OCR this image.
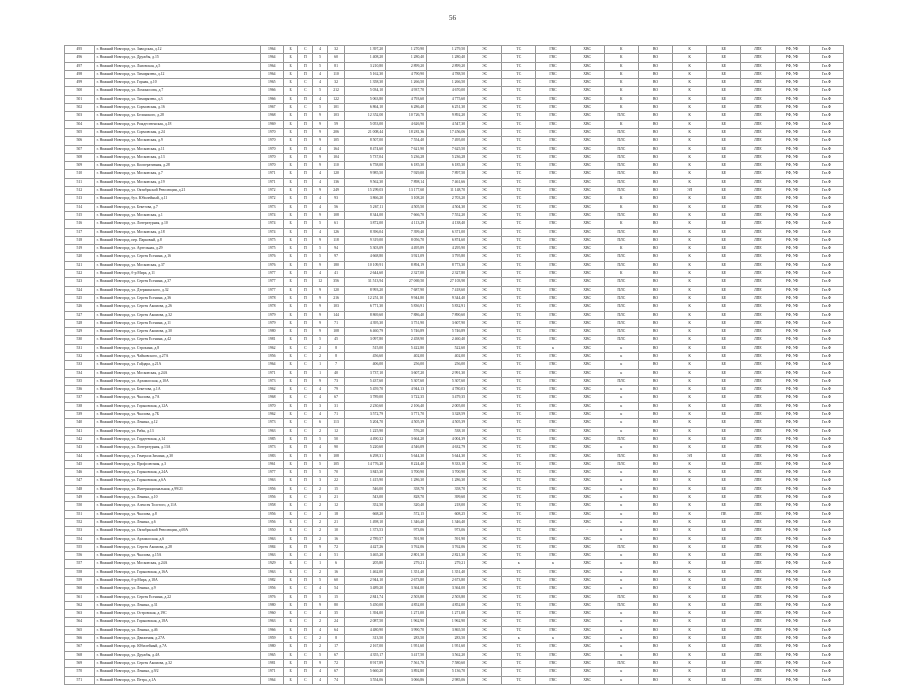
56
495	г. Нижний Новгород, ул. Заводская, д.12	1964	Б	С	4	32	1 397,20	1 270,90	1 279,50	ЭС	ТС	ГВС	ХВС	К	ВО	К	БЕ	ЛПЕ	РФ, УФ	Газ.Ф
496	г. Нижний Новгород, ул. Дружбы, д.15	1964	Б	П	5	60	1 408,20	1 280,40	1 280,40	ЭС	ТС	ГВС	ХВС	К	ВО	К	БЕ	ЛПЕ	РФ, УФ	Газ.Ф
497	г. Нижний Новгород, ул. Львовская, д.5	1964	Б	П	5	81	3 210,80	2 899,20	2 899,20	ЭС	ТС	ГВС	ХВС	К	ВО	К	БЕ	ЛПЕ	РФ, УФ	Газ.Ф
498	г. Нижний Новгород, ул. Тимирязева, д.12	1964	Б	П	4	110	5 162,30	4 790,90	4 788,50	ЭС	ТС	ГВС	ХВС	К	ВО	К	БЕ	ЛПЕ	РФ, УФ	Газ.Ф
499	г. Нижний Новгород, ул. Горная, д.10	1965	Б	С	4	32	1 358,30	1 266,50	1 266,50	ЭС	ТС	ГВС	ХВС	К	ВО	К	БЕ	ЛПЕ	РФ, УФ	Газ.Ф
500	г. Нижний Новгород, ул. Ломоносова, д.7	1966	Б	С	5	212	5 034,10	4 937,70	4 670,00	ЭС	ТС	ГВС	ХВС	К	ВО	К	БЕ	ЛПЕ	РФ, УФ	Газ.Ф
501	г. Нижний Новгород, ул. Тимирязева, д.3	1966	Б	П	4	122	5 063,80	4 793,60	4 775,60	ЭС	ТС	ГВС	ХВС	К	ВО	К	БЕ	ЛПЕ	РФ, УФ	Газ.Ф
502	г. Нижний Новгород, ул. Сормовская, д.16	1967	Б	С	5	101	6 864,10	6 286,40	6 251,30	ЭС	ТС	ГВС	ХВС	К	ВО	К	БЕ	ЛПЕ	РФ, УФ	Газ.Ф
503	г. Нижний Новгород, ул. Белинского, д.28	1968	Б	П	9	103	12 352,00	10 726,70	9 892,20	ЭС	ТС	ГВС	ХВС	ПЛС	ВО	К	БЕ	ЛПЕ	РФ, УФ	Газ.Ф
504	г. Нижний Новгород, ул. Рождественская, д.18	1969	Б	П	9	59	5 053,00	4 626,90	4 547,30	ЭС	ТС	ГВС	ХВС	К	ВО	К	БЕ	ЛПЕ	РФ, УФ	Газ.Ф
505	г. Нижний Новгород, ул. Сормовская, д.24	1970	Б	П	9	206	21 008,44	18 281,36	17 456,06	ЭС	ТС	ГВС	ХВС	ПЛС	ВО	К	БЕ	ЛПЕ	РФ, УФ	Газ.Ф
506	г. Нижний Новгород, ул. Московская, д.9	1970	Б	П	9	105	8 507,00	7 554,40	7 495,00	ЭС	ТС	ГВС	ХВС	ПЛС	ВО	К	БЕ	ЛПЕ	РФ, УФ	Газ.Ф
507	г. Нижний Новгород, ул. Московская, д.11	1970	Б	П	4	164	8 474,60	7 621,90	7 625,50	ЭС	ТС	ГВС	ХВС	ПЛС	ВО	К	БЕ	ЛПЕ	РФ, УФ	Газ.Ф
508	г. Нижний Новгород, ул. Московская, д.13	1970	Б	П	9	104	5 737,04	5 236,28	5 236,28	ЭС	ТС	ГВС	ХВС	ПЛС	ВО	К	БЕ	ЛПЕ	РФ, УФ	Газ.Ф
509	г. Нижний Новгород, ул. Кооперативная, д.28	1970	Б	П	9	110	6 758,00	6 185,30	6 185,30	ЭС	ТС	ГВС	ХВС	ПЛС	ВО	К	БЕ	ЛПЕ	РФ, УФ	Газ.Ф
510	г. Нижний Новгород, ул. Московская, д.7	1971	Б	П	4	120	9 985,50	7 929,00	7 897,50	ЭС	ТС	ГВС	ХВС	ПЛС	ВО	К	БЕ	ЛПЕ	РФ, УФ	Газ.Ф
511	г. Нижний Новгород, ул. Московская, д.19	1971	Б	П	4	136	9 562,30	7 898,14	7 461,66	ЭС	ТС	ГВС	ХВС	ПЛС	ВО	К	БЕ	ЛПЕ	РФ, УФ	Газ.Ф
512	г. Нижний Новгород, ул. Октябрьской Революции, д.21	1972	Б	П	9	249	15 299,03	13 177,60	11 148,70	ЭС	ТС	ГВС	ХВС	ПЛС	ВО	ЭЛ	БЕ	ЛПЕ	РФ, УФ	Газ.Ф
513	г. Нижний Новгород, бул. Юбилейный, д.11	1972	Б	П	4	93	3 866,20	3 108,20	2 703,20	ЭС	ТС	ГВС	ХВС	К	ВО	К	БЕ	ЛПЕ	РФ, УФ	Газ.Ф
514	г. Нижний Новгород, ул. Бекетова, д.7	1973	Б	П	4	56	5 267,11	4 505,50	4 504,30	ЭС	ТС	ГВС	ХВС	К	ВО	К	БЕ	ЛПЕ	РФ, УФ	Газ.Ф
515	г. Нижний Новгород, ул. Московская, д.1	1974	Б	П	9	108	8 344,00	7 666,70	7 552,20	ЭС	ТС	ГВС	ХВС	ПЛС	ВО	К	БЕ	ЛПЕ	РФ, УФ	Газ.Ф
516	г. Нижний Новгород, ул. Литературная, д.10	1974	Б	П	5	61	3 872,00	4 113,29	4 138,40	ЭС	ТС	ГВС	ХВС	К	ВО	К	БЕ	ЛПЕ	РФ, УФ	Газ.Ф
517	г. Нижний Новгород, ул. Московская, д.18	1974	Б	П	4	126	8 396,04	7 399,40	6 371,00	ЭС	ТС	ГВС	ХВС	ПЛС	ВО	К	БЕ	ЛПЕ	РФ, УФ	Газ.Ф
518	г. Нижний Новгород, пер. Парковый, д.8	1975	Б	П	9	118	9 319,00	8 056,70	6 874,60	ЭС	ТС	ГВС	ХВС	ПЛС	ВО	К	БЕ	ЛПЕ	РФ, УФ	Газ.Ф
519	г. Нижний Новгород, ул. Артельная, д.29	1975	Б	П	5	94	5 303,09	4 495,89	4 295,90	ЭС	ТС	ГВС	ХВС	К	ВО	К	БЕ	ЛПЕ	РФ, УФ	Газ.Ф
520	г. Нижний Новгород, ул. Сергея Есенина, д.16	1976	Б	П	5	97	4 668,80	3 921,09	3 795,80	ЭС	ТС	ГВС	ХВС	ПЛС	ВО	К	БЕ	ЛПЕ	РФ, УФ	Газ.Ф
521	г. Нижний Новгород, ул. Московская, д.37	1976	Б	П	9	180	10 109,91	8 894,19	8 773,30	ЭС	ТС	ГВС	ХВС	ПЛС	ВО	К	БЕ	ЛПЕ	РФ, УФ	Газ.Ф
522	г. Нижний Новгород, б-р Мира, д.11	1977	Б	П	4	41	2 644,60	2 327,00	2 327,80	ЭС	ТС	ГВС	ХВС	К	ВО	К	БЕ	ЛПЕ	РФ, УФ	Газ.Ф
523	г. Нижний Новгород, ул. Сергея Есенина, д.37	1977	Б	П	12	356	31 513,94	27 069,50	27 103,90	ЭС	ТС	ГВС	ХВС	ПЛС	ВО	К	БЕ	ЛПЕ	РФ, УФ	Газ.Ф
524	г. Нижний Новгород, ул. Дзержинского, д.32	1977	Б	П	9	120	8 993,20	7 687,90	7 418,60	ЭС	ТС	ГВС	ХВС	ПЛС	ВО	К	БЕ	ЛПЕ	РФ, УФ	Газ.Ф
525	г. Нижний Новгород, ул. Сергея Есенина, д.36	1978	Б	П	9	216	12 251,10	9 944,80	9 344,40	ЭС	ТС	ГВС	ХВС	ПЛС	ВО	К	БЕ	ЛПЕ	РФ, УФ	Газ.Ф
526	г. Нижний Новгород, ул. Сергея Акимова, д.26	1978	Б	П	9	103	6 771,30	5 836,91	5 832,91	ЭС	ТС	ГВС	ХВС	ПЛС	ВО	К	БЕ	ЛПЕ	РФ, УФ	Газ.Ф
527	г. Нижний Новгород, ул. Сергея Акимова, д.32	1979	Б	П	9	144	8 869,60	7 886,40	7 890,60	ЭС	ТС	ГВС	ХВС	ПЛС	ВО	К	БЕ	ЛПЕ	РФ, УФ	Газ.Ф
528	г. Нижний Новгород, ул. Сергея Есенина, д.11	1979	Б	П	9	71	4 395,30	3 751,90	3 607,90	ЭС	ТС	ГВС	ХВС	ПЛС	ВО	К	БЕ	ЛПЕ	РФ, УФ	Газ.Ф
529	г. Нижний Новгород, ул. Сергея Акимова, д.30	1980	Б	П	9	108	6 460,79	5 746,89	5 746,89	ЭС	ТС	ГВС	ХВС	ПЛС	ВО	К	БЕ	ЛПЕ	РФ, УФ	Газ.Ф
530	г. Нижний Новгород, ул. Сергея Есенина, д.42	1981	Б	П	5	45	3 097,80	2 458,90	2 460,40	ЭС	ТС	ГВС	ХВС	ПЛС	ВО	К	БЕ	ЛПЕ	РФ, УФ	Газ.Ф
531	г. Нижний Новгород, ул. Строкина, д.8	1962	Б	С	2	8	515,00	5 422,80	522,60	ЭС	ТС	к	ХВС	к	ВО	К	БЕ	ЛПЕ	РФ, УФ	Газ.Ф
532	г. Нижний Новгород, ул. Чайковского, д.27А	1956	Б	С	2	8	456,60	402,00	402,00	ЭС	ТС	ГВС	ХВС	к	ВО	К	БЕ	ЛПЕ	РФ, УФ	Газ.Ф
533	г. Нижний Новгород, ул. Гайдара, д.21А	1964	Б	С	1	7	406,00	256,00	256,00	ЭС	ТС	ГВС	ХВС	к	ВО	К	БЕ	ЛПЕ	РФ, УФ	Газ.Ф
534	г. Нижний Новгород, ул. Московская, д.24А	1971	Б	П	1	40	3 737,10	3 607,20	2 991,30	ЭС	ТС	ГВС	ХВС	к	ВО	К	БЕ	ЛПЕ	РФ, УФ	Газ.Ф
535	г. Нижний Новгород, ул. Арзамасская, д.10А	1973	Б	П	9	73	5 437,60	5 307,60	5 307,60	ЭС	ТС	ГВС	ХВС	ПЛС	ВО	К	БЕ	ЛПЕ	РФ, УФ	Газ.Ф
536	г. Нижний Новгород, ул. Бекетова, д.1А	1962	Б	С	4	79	5 459,70	4 944,13	4 780,03	ЭС	ТС	ГВС	ХВС	к	ВО	К	БЕ	ЛПЕ	РФ, УФ	Газ.Ф
537	г. Нижний Новгород, ул. Чкалова, д.7А	1968	Б	С	4	67	3 789,00	3 722,35	3 479,35	ЭС	ТС	ГВС	ХВС	к	ВО	К	БЕ	ЛПЕ	РФ, УФ	Газ.Ф
538	г. Нижний Новгород, ул. Горьковская, д.12А	1970	Б	П	3	31	2 230,60	2 106,40	2 005,00	ЭС	ТС	ГВС	ХВС	к	ВО	К	БЕ	ЛПЕ	РФ, УФ	Газ.Ф
539	г. Нижний Новгород, ул. Чкалова, д.7Б	1962	Б	С	4	71	3 572,79	3 771,70	3 328,59	ЭС	ТС	ГВС	ХВС	к	ВО	К	БЕ	ЛПЕ	РФ, УФ	Газ.Ф
540	г. Нижний Новгород, ул. Ленина, д.12	1973	Б	С	6	113	5 204,70	4 505,39	4 505,39	ЭС	ТС	ГВС	ХВС	к	ВО	К	БЕ	ЛПЕ	РФ, УФ	Газ.Ф
541	г. Нижний Новгород, ул. Рябы, д.13	1963	Б	С	2	12	1 225,90	576,20	538,10	ЭС	ТС	ГВС	ХВС	к	ВО	К	БЕ	ЛПЕ	РФ, УФ	Газ.Ф
542	г. Нижний Новгород, ул. Гордеевская, д.14	1985	Б	П	5	50	4 490,32	3 664,20	4 004,39	ЭС	ТС	ГВС	ХВС	ПЛС	ВО	К	БЕ	ЛПЕ	РФ, УФ	Газ.Ф
543	г. Нижний Новгород, ул. Литературная, д.13А	1973	Б	П	4	90	5 220,60	4 546,09	4 632,79	ЭС	ТС	ГВС	ХВС	к	ВО	К	БЕ	ЛПЕ	РФ, УФ	Газ.Ф
544	г. Нижний Новгород, ул. Генерала Зимина, д.30	1983	Б	П	9	108	6 298,31	5 644,30	5 644,30	ЭС	ТС	ГВС	ХВС	ПЛС	ВО	ЭЛ	БЕ	ЛПЕ	РФ, УФ	Газ.Ф
545	г. Нижний Новгород, ул. Профсоюзная, д.3	1961	Б	П	5	105	14 776,20	8 224,40	9 333,10	ЭС	ТС	ГВС	ХВС	ПЛС	ВО	К	БЕ	ЛПЕ	РФ, УФ	Газ.Ф
546	г. Нижний Новгород, ул. Горьковская, д.24А	1977	Б	П	5	70	3 845,30	3 700,90	3 700,90	ЭС	ТС	ГВС	ХВС	к	ВО	К	БЕ	ЛПЕ	РФ, УФ	Газ.Ф
547	г. Нижний Новгород, ул. Горьковская, д.6А	1963	Б	П	3	22	1 415,90	1 286,30	1 286,30	ЭС	ТС	ГВС	ХВС	к	ВО	К	БЕ	ЛПЕ	РФ, УФ	Газ.Ф
548	г. Нижний Новгород, ул. Интернациональная, д.99/21	1956	Б	С	2	15	546,00	358,70	358,70	ЭС	ТС	ГВС	ХВС	к	ВО	К	БЕ	ЛПЕ	РФ, УФ	Газ.Ф
549	г. Нижний Новгород, ул. Ленина, д.10	1956	Б	С	3	21	543,00	828,70	399,60	ЭС	ТС	ГВС	ХВС	к	ВО	К	БЕ	ЛПЕ	РФ, УФ	Газ.Ф
550	г. Нижний Новгород, ул. Алексея Толстого, д.11А	1958	Б	С	2	12	352,50	320,40	218,00	ЭС	ТС	ГВС	ХВС	к	ВО	К	БЕ	ЛПЕ	РФ, УФ	Газ.Ф
551	г. Нижний Новгород, ул. Чкалова, д.8	1956	Б	С	2	18	668,20	572,15	608,25	ЭС	ТС	ГВС	ХВС	к	ВО	К	ПЕ	ЛПЕ	РФ, УФ	Газ.Ф
552	г. Нижний Новгород, ул. Ленина, д.6	1956	Б	С	2	21	1 498,10	1 346,40	1 346,40	ЭС	ТС	ГВС	ХВС	к	ВО	К	БЕ	ЛПЕ	РФ, УФ	Газ.Ф
553	г. Нижний Новгород, ул. Октябрьской Революции, д.69А	1950	Б	С	2	10	1 373,53	973,06	973,06	ЭС	ТС	ГВС	-	к	ВО	К	БЕ	ЛПЕ	РФ, УФ	Газ.Ф
554	г. Нижний Новгород, ул. Арзамасская, д.6	1963	Б	П	2	16	2 789,57	591,90	591,90	ЭС	ТС	ГВС	ХВС	к	ВО	К	БЕ	ЛПЕ	РФ, УФ	Газ.Ф
555	г. Нижний Новгород, ул. Сергея Акимова, д.28	1984	Б	П	9	72	4 427,26	3 762,06	3 762,06	ЭС	ТС	ГВС	ХВС	ПЛС	ВО	К	БЕ	ЛПЕ	РФ, УФ	Газ.Ф
556	г. Нижний Новгород, ул. Чкалова, д.15А	1963	Б	С	4	51	3 465,20	2 801,30	2 821,30	ЭС	ТС	ГВС	ХВС	к	ВО	К	БЕ	ЛПЕ	РФ, УФ	Газ.Ф
557	г. Нижний Новгород, ул. Московская, д.24А	1929	Б	С	1	6	205,80	279,21	279,21	ЭС	к	к	ХВС	к	ВО	К	БЕ	ЛПЕ	РФ, УФ	Газ.Ф
558	г. Нижний Новгород, ул. Горьковская, д.16А	1963	Б	С	2	16	1 462,00	1 351,40	1 351,40	ЭС	ТС	ГВС	ХВС	к	ВО	К	БЕ	ЛПЕ	РФ, УФ	Газ.Ф
559	г. Нижний Новгород, б-р Мира, д.18А	1982	Б	П	5	60	2 944,10	2 673,80	2 673,80	ЭС	ТС	ГВС	ХВС	к	ВО	К	БЕ	ЛПЕ	РФ, УФ	Газ.Ф
560	г. Нижний Новгород, ул. Ленина, д.9	1956	Б	С	4	54	3 489,20	3 364,00	3 364,00	ЭС	ТС	ГВС	ХВС	к	ВО	К	БЕ	ЛПЕ	РФ, УФ	Газ.Ф
561	г. Нижний Новгород, ул. Сергея Есенина, д.22	1976	Б	П	5	15	2 841,74	2 503,80	2 503,80	ЭС	ТС	ГВС	ХВС	ПЛС	ВО	К	БЕ	ЛПЕ	РФ, УФ	Газ.Ф
562	г. Нижний Новгород, ул. Ленина, д.31	1980	Б	П	9	80	5 450,00	4 852,00	4 852,00	ЭС	ТС	ГВС	ХВС	ПЛС	ВО	К	БЕ	ЛПЕ	РФ, УФ	Газ.Ф
563	г. Нижний Новгород, ул. Островская, д.19С	1960	Б	С	4	35	1 394,00	1 271,00	1 271,00	ЭС	ТС	ГВС	ХВС	к	ВО	К	БЕ	ЛПЕ	РФ, УФ	Газ.Ф
564	г. Нижний Новгород, ул. Горьковская, д.18А	1963	Б	С	2	24	2 087,50	1 962,90	1 962,90	ЭС	ТС	ГВС	ХВС	к	ВО	К	БЕ	ЛПЕ	РФ, УФ	Газ.Ф
565	г. Нижний Новгород, ул. Ленина, д.46	1966	Б	П	4	64	4 480,90	3 990,70	3 865,50	ЭС	ТС	ГВС	ХВС	к	ВО	К	БЕ	ЛПЕ	РФ, УФ	Газ.Ф
566	г. Нижний Новгород, ул. Движения, д.27А	1959	Б	С	2	8	313,50	283,50	283,50	ЭС	к	к	ХВС	к	ВО	К	БЕ	ЛПЕ	РФ, УФ	Газ.Ф
567	г. Нижний Новгород, пр. Юбилейный, д.7А	1980	Б	П	2	17	2 167,00	1 951,60	1 951,60	ЭС	ТС	ГВС	ХВС	к	ВО	К	БЕ	ЛПЕ	РФ, УФ	Газ.Ф
568	г. Нижний Новгород, ул. Дружбы, д.4А	1965	Б	С	5	67	4 355,17	3 417,50	3 562,20	ЭС	ТС	ГВС	ХВС	к	ВО	К	БЕ	ЛПЕ	РФ, УФ	Газ.Ф
569	г. Нижний Новгород, ул. Сергея Акимова, д.32	1981	Б	П	9	72	8 917,89	7 561,70	7 580,60	ЭС	ТС	ГВС	ХВС	ПЛС	ВО	К	БЕ	ЛПЕ	РФ, УФ	Газ.Ф
570	г. Нижний Новгород, ул. Ленина, д.9/2	1971	Б	П	4	67	5 660,20	3 892,80	5 136,70	ЭС	ТС	ГВС	ХВС	к	ВО	К	БЕ	ЛПЕ	РФ, УФ	Газ.Ф
571	г. Нижний Новгород, ул. Петра, д.1А	1964	Б	С	4	74	3 554,06	3 066,86	2 985,06	ЭС	ТС	ГВС	ХВС	к	ВО	К	БЕ	ЛПЕ	РФ, УФ	Газ.Ф
